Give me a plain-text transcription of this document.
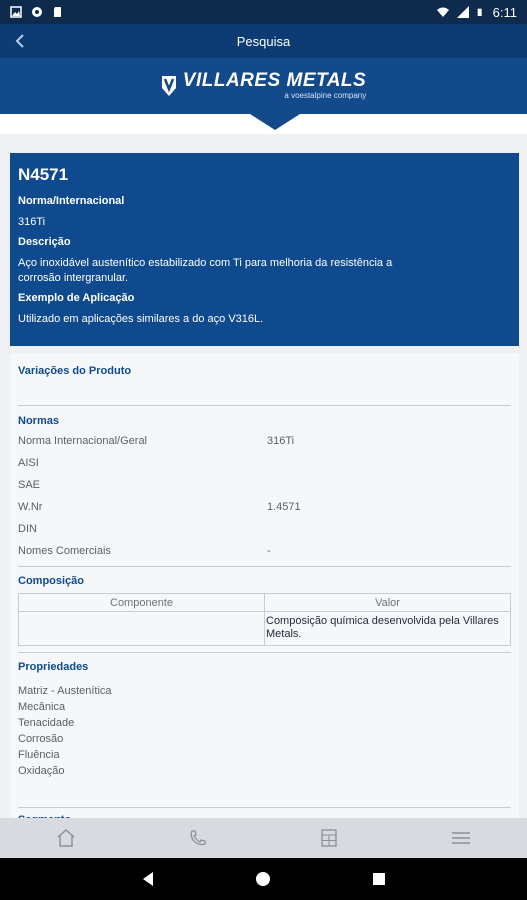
6:11
Pesquisa
VILLARES METALS
a voestalpine company
N4571
Norma/Internacional
316Ti
Descrição
Aço inoxidável austenítico estabilizado com Ti para melhoria da resistência a corrosão intergranular.
Exemplo de Aplicação
Utilizado em aplicações similares a do aço V316L.
Variações do Produto
Normas
Norma Internacional/Geral	316Ti
AISI
SAE
W.Nr	1.4571
DIN
Nomes Comerciais	-
Composição
Componente	Valor
	Composição química desenvolvida pela Villares Metals.
Propriedades
Matriz - Austenítica
Mecânica
Tenacidade
Corrosão
Fluência
Oxidação
